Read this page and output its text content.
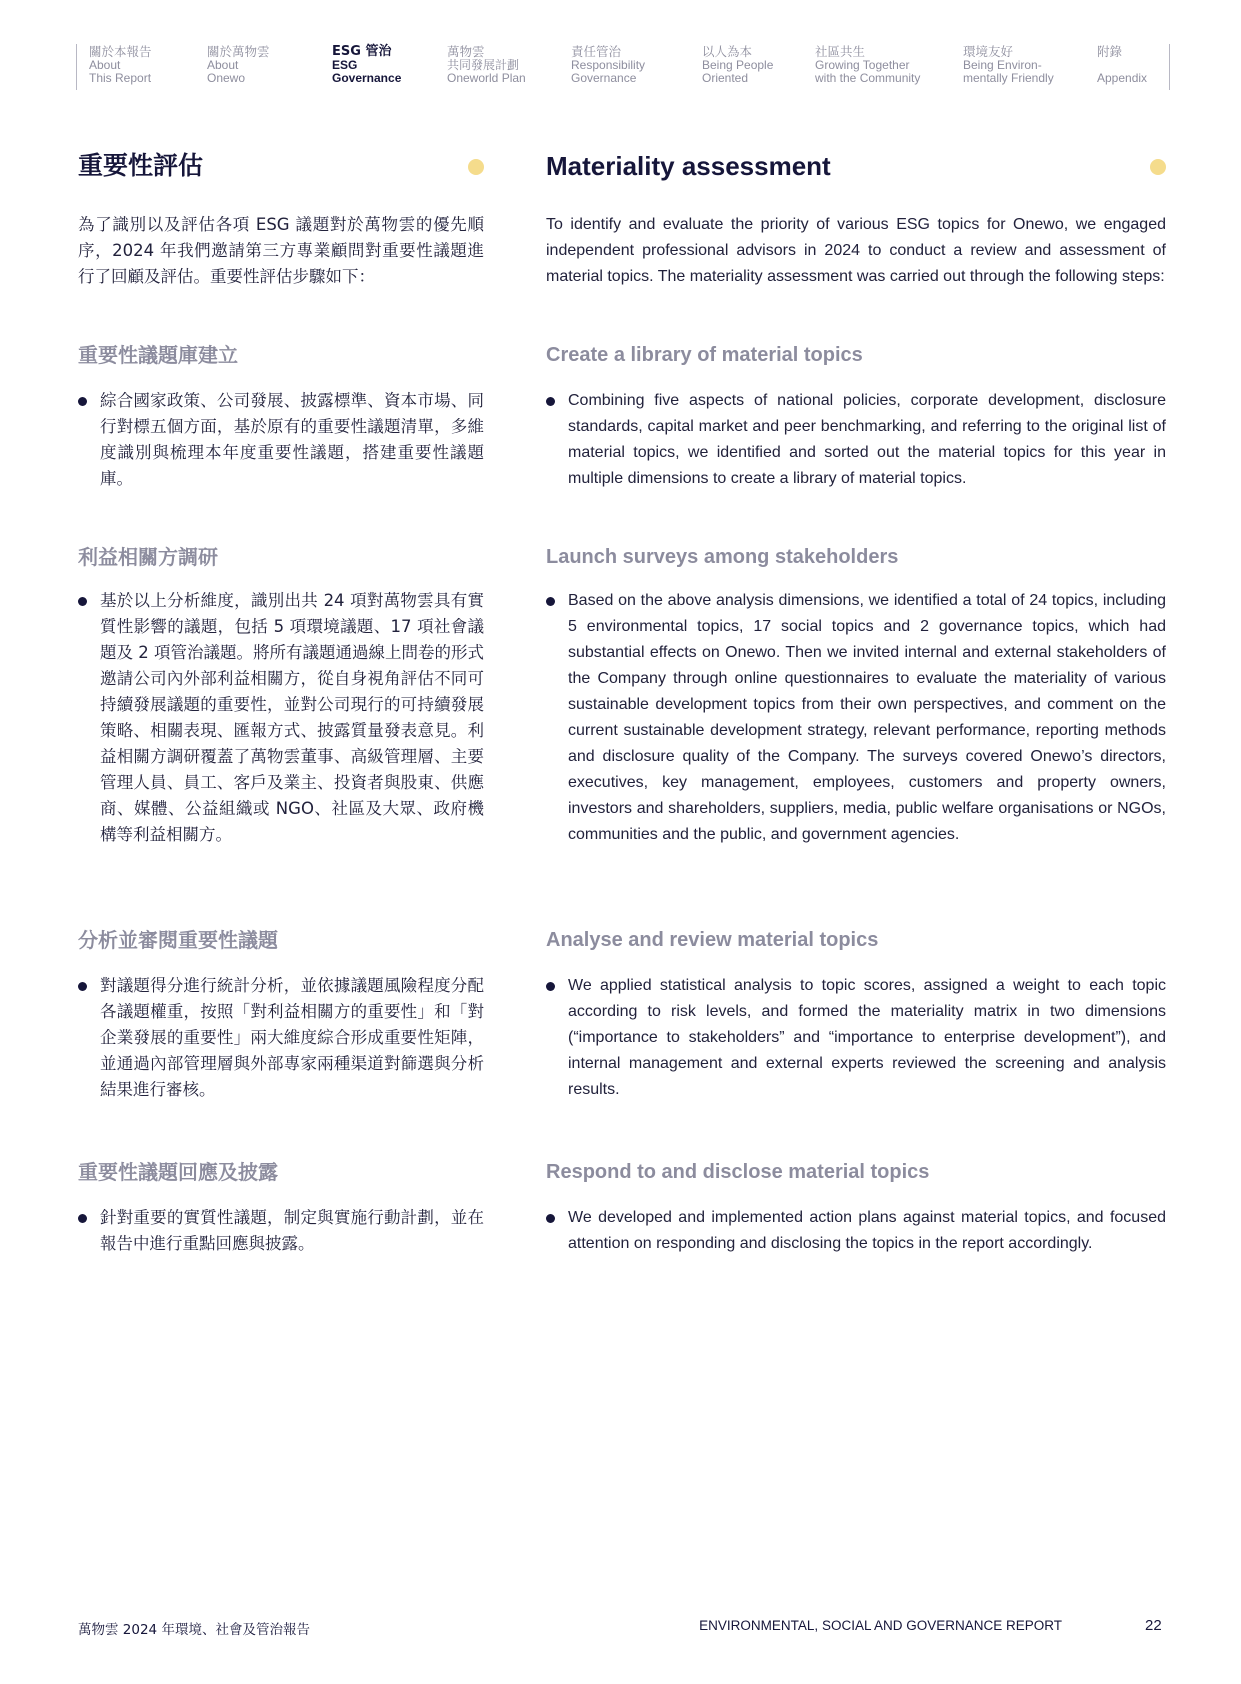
關於本報告
About
This Report
關於萬物雲
About
Onewo
ESG 管治
ESG
Governance
萬物雲
共同發展計劃
Oneworld Plan
責任管治
Responsibility
Governance
以人為本
Being People
Oriented
社區共生
Growing Together
with the Community
環境友好
Being Environ-
mentally Friendly
附錄
Appendix
重要性評估

為了識別以及評估各項 ESG 議題對於萬物雲的優先順序，2024 年我們邀請第三方專業顧問對重要性議題進行了回顧及評估。重要性評估步驟如下：

重要性議題庫建立

綜合國家政策、公司發展、披露標準、資本市場、同行對標五個方面，基於原有的重要性議題清單，多維度識別與梳理本年度重要性議題，搭建重要性議題庫。

利益相關方調研

基於以上分析維度，識別出共 24 項對萬物雲具有實質性影響的議題，包括 5 項環境議題、17 項社會議題及 2 項管治議題。將所有議題通過線上問卷的形式邀請公司內外部利益相關方，從自身視角評估不同可持續發展議題的重要性，並對公司現行的可持續發展策略、相關表現、匯報方式、披露質量發表意見。利益相關方調研覆蓋了萬物雲董事、高級管理層、主要管理人員、員工、客戶及業主、投資者與股東、供應商、媒體、公益組織或 NGO、社區及大眾、政府機構等利益相關方。

分析並審閱重要性議題

對議題得分進行統計分析，並依據議題風險程度分配各議題權重，按照「對利益相關方的重要性」和「對企業發展的重要性」兩大維度綜合形成重要性矩陣，並通過內部管理層與外部專家兩種渠道對篩選與分析結果進行審核。

重要性議題回應及披露

針對重要的實質性議題，制定與實施行動計劃，並在報告中進行重點回應與披露。

Materiality assessment

To identify and evaluate the priority of various ESG topics for Onewo, we engaged independent professional advisors in 2024 to conduct a review and assessment of material topics. The materiality assessment was carried out through the following steps:

Create a library of material topics

Combining five aspects of national policies, corporate development, disclosure standards, capital market and peer benchmarking, and referring to the original list of material topics, we identified and sorted out the material topics for this year in multiple dimensions to create a library of material topics.

Launch surveys among stakeholders

Based on the above analysis dimensions, we identified a total of 24 topics, including 5 environmental topics, 17 social topics and 2 governance topics, which had substantial effects on Onewo. Then we invited internal and external stakeholders of the Company through online questionnaires to evaluate the materiality of various sustainable development topics from their own perspectives, and comment on the current sustainable development strategy, relevant performance, reporting methods and disclosure quality of the Company. The surveys covered Onewo’s directors, executives, key management, employees, customers and property owners, investors and shareholders, suppliers, media, public welfare organisations or NGOs, communities and the public, and government agencies.

Analyse and review material topics

We applied statistical analysis to topic scores, assigned a weight to each topic according to risk levels, and formed the materiality matrix in two dimensions (“importance to stakeholders” and “importance to enterprise development”), and internal management and external experts reviewed the screening and analysis results.

Respond to and disclose material topics

We developed and implemented action plans against material topics, and focused attention on responding and disclosing the topics in the report accordingly.

萬物雲 2024 年環境、社會及管治報告	ENVIRONMENTAL, SOCIAL AND GOVERNANCE REPORT	22
